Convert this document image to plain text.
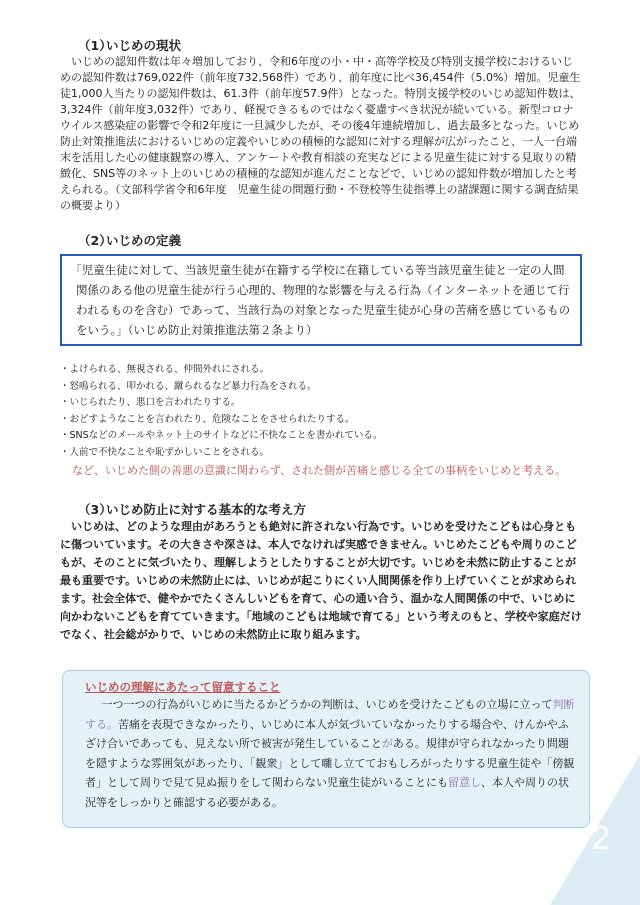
2
（1）いじめの現状

いじめの認知件数は年々増加しており、令和6年度の小・中・高等学校及び特別支援学校におけるいじめの認知件数は769,022件（前年度732,568件）であり、前年度に比べ36,454件（5.0%）増加。児童生徒1,000人当たりの認知件数は、61.3件（前年度57.9件）となった。特別支援学校のいじめ認知件数は、3,324件（前年度3,032件）であり、軽視できるものではなく憂慮すべき状況が続いている。新型コロナウイルス感染症の影響で令和2年度に一旦減少したが、その後4年連続増加し、過去最多となった。いじめ防止対策推進法におけるいじめの定義やいじめの積極的な認知に対する理解が広がったこと、一人一台端末を活用した心の健康観察の導入、アンケートや教育相談の充実などによる児童生徒に対する見取りの精緻化、SNS等のネット上のいじめの積極的な認知が進んだことなどで、いじめの認知件数が増加したと考えられる。（文部科学省令和6年度　児童生徒の問題行動・不登校等生徒指導上の諸課題に関する調査結果の概要より）

（2）いじめの定義
「児童生徒に対して、当該児童生徒が在籍する学校に在籍している等当該児童生徒と一定の人間関係のある他の児童生徒が行う心理的、物理的な影響を与える行為（インターネットを通じて行われるものを含む）であって、当該行為の対象となった児童生徒が心身の苦痛を感じているものをいう。」（いじめ防止対策推進法第２条より）
・よけられる、無視される、仲間外れにされる。
・怒鳴られる、叩かれる、蹴られるなど暴力行為をされる。
・いじられたり、悪口を言われたりする。
・おどすようなことを言われたり、危険なことをさせられたりする。
・SNSなどのメールやネット上のサイトなどに不快なことを書かれている。
・人前で不快なことや恥ずかしいことをされる。

など、いじめた側の善悪の意識に関わらず、された側が苦痛と感じる全ての事柄をいじめと考える。

（3）いじめ防止に対する基本的な考え方

いじめは、どのような理由があろうとも絶対に許されない行為です。いじめを受けたこどもは心身ともに傷ついています。その大きさや深さは、本人でなければ実感できません。いじめたこどもや周りのこどもが、そのことに気づいたり、理解しようとしたりすることが大切です。いじめを未然に防止することが最も重要です。いじめの未然防止には、いじめが起こりにくい人間関係を作り上げていくことが求められます。社会全体で、健やかでたくさんしいどもを育て、心の通い合う、温かな人間関係の中で、いじめに向かわないこどもを育てていきます。「地域のこどもは地域で育てる」という考えのもと、学校や家庭だけでなく、社会総がかりで、いじめの未然防止に取り組みます。

いじめの理解にあたって留意すること

一つ一つの行為がいじめに当たるかどうかの判断は、いじめを受けたこどもの立場に立って判断する。苦痛を表現できなかったり、いじめに本人が気づいていなかったりする場合や、けんかやふざけ合いであっても、見えない所で被害が発生していることがある。規律が守られなかったり問題を隠すような雰囲気があったり、「観衆」として囃し立てておもしろがったりする児童生徒や「傍観者」として周りで見て見ぬ振りをして関わらない児童生徒がいることにも留意し、本人や周りの状況等をしっかりと確認する必要がある。
